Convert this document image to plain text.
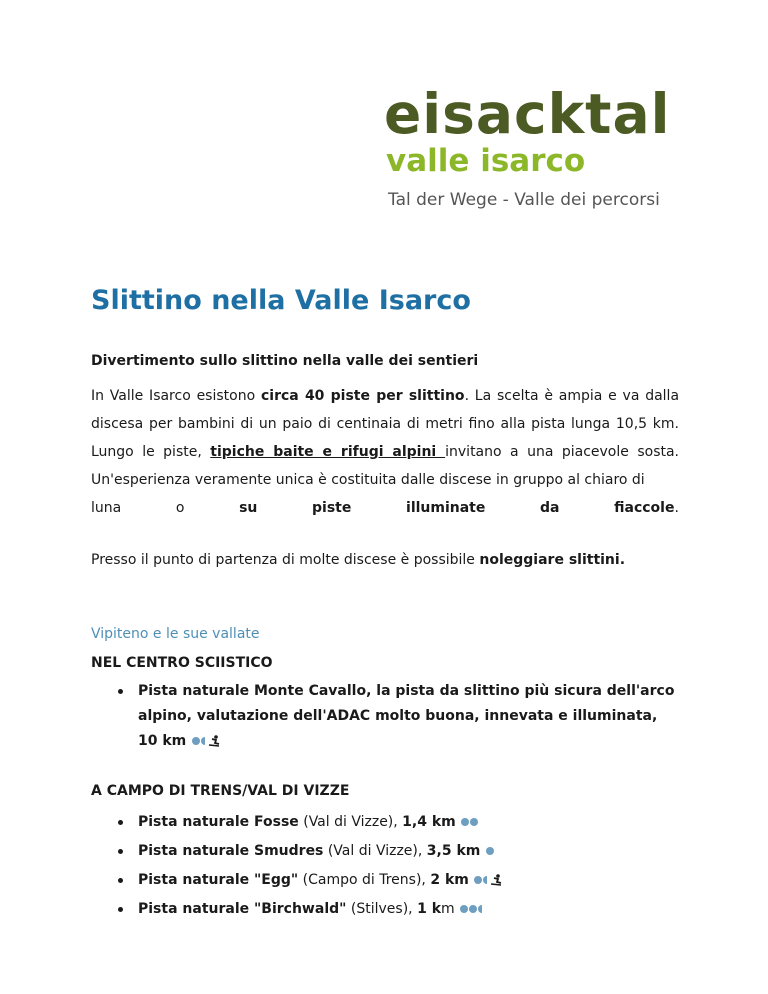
eisacktal

valle isarco

Tal der Wege - Valle dei percorsi

Slittino nella Valle Isarco

Divertimento sullo slittino nella valle dei sentieri

In Valle Isarco esistono circa 40 piste per slittino. La scelta è ampia e va dalla discesa per bambini di un paio di centinaia di metri fino alla pista lunga 10,5 km. Lungo le piste, tipiche baite e rifugi alpini invitano a una piacevole sosta. Un'esperienza veramente unica è costituita dalle discese in gruppo al chiaro di

luna	o	su	piste	illuminate	da	fiaccole.

Presso il punto di partenza di molte discese è possibile noleggiare slittini.

Vipiteno e le sue vallate

NEL CENTRO SCIISTICO

Pista naturale Monte Cavallo, la pista da slittino più sicura dell'arco alpino, valutazione dell'ADAC molto buona, innevata e illuminata, 10 km

A CAMPO DI TRENS/VAL DI VIZZE

Pista naturale Fosse (Val di Vizze), 1,4 km
Pista naturale Smudres (Val di Vizze), 3,5 km
Pista naturale "Egg" (Campo di Trens), 2 km
Pista naturale "Birchwald" (Stilves), 1 km
